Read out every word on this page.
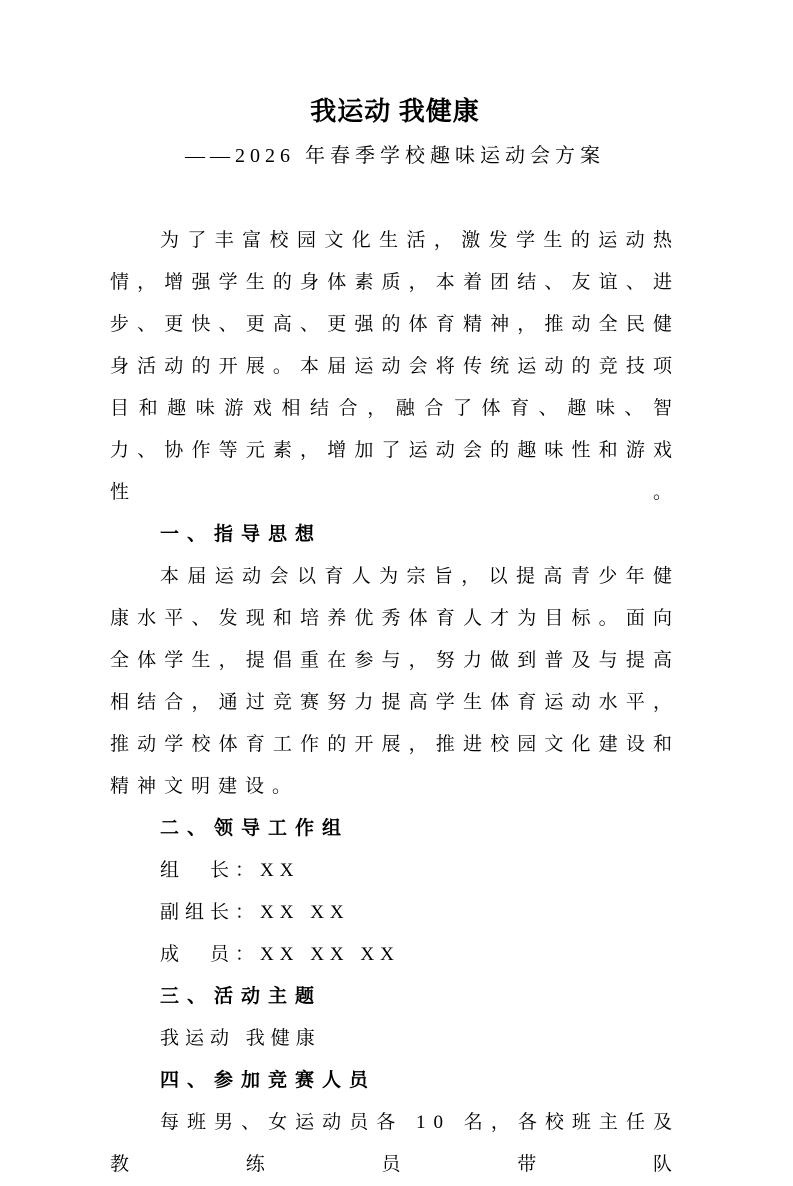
我运动 我健康
——2026 年春季学校趣味运动会方案

为了丰富校园文化生活，激发学生的运动热情，增强学生的身体素质，本着团结、友谊、进步、更快、更高、更强的体育精神，推动全民健身活动的开展。本届运动会将传统运动的竞技项目和趣味游戏相结合，融合了体育、趣味、智力、协作等元素，增加了运动会的趣味性和游戏性。

一、指导思想

本届运动会以育人为宗旨，以提高青少年健康水平、发现和培养优秀体育人才为目标。面向全体学生，提倡重在参与，努力做到普及与提高相结合，通过竞赛努力提高学生体育运动水平，推动学校体育工作的开展，推进校园文化建设和精神文明建设。

二、领导工作组

组　长：XX

副组长：XX XX

成　员：XX XX XX

三、活动主题

我运动 我健康

四、参加竞赛人员

每班男、女运动员各 10 名，各校班主任及教练员带队
